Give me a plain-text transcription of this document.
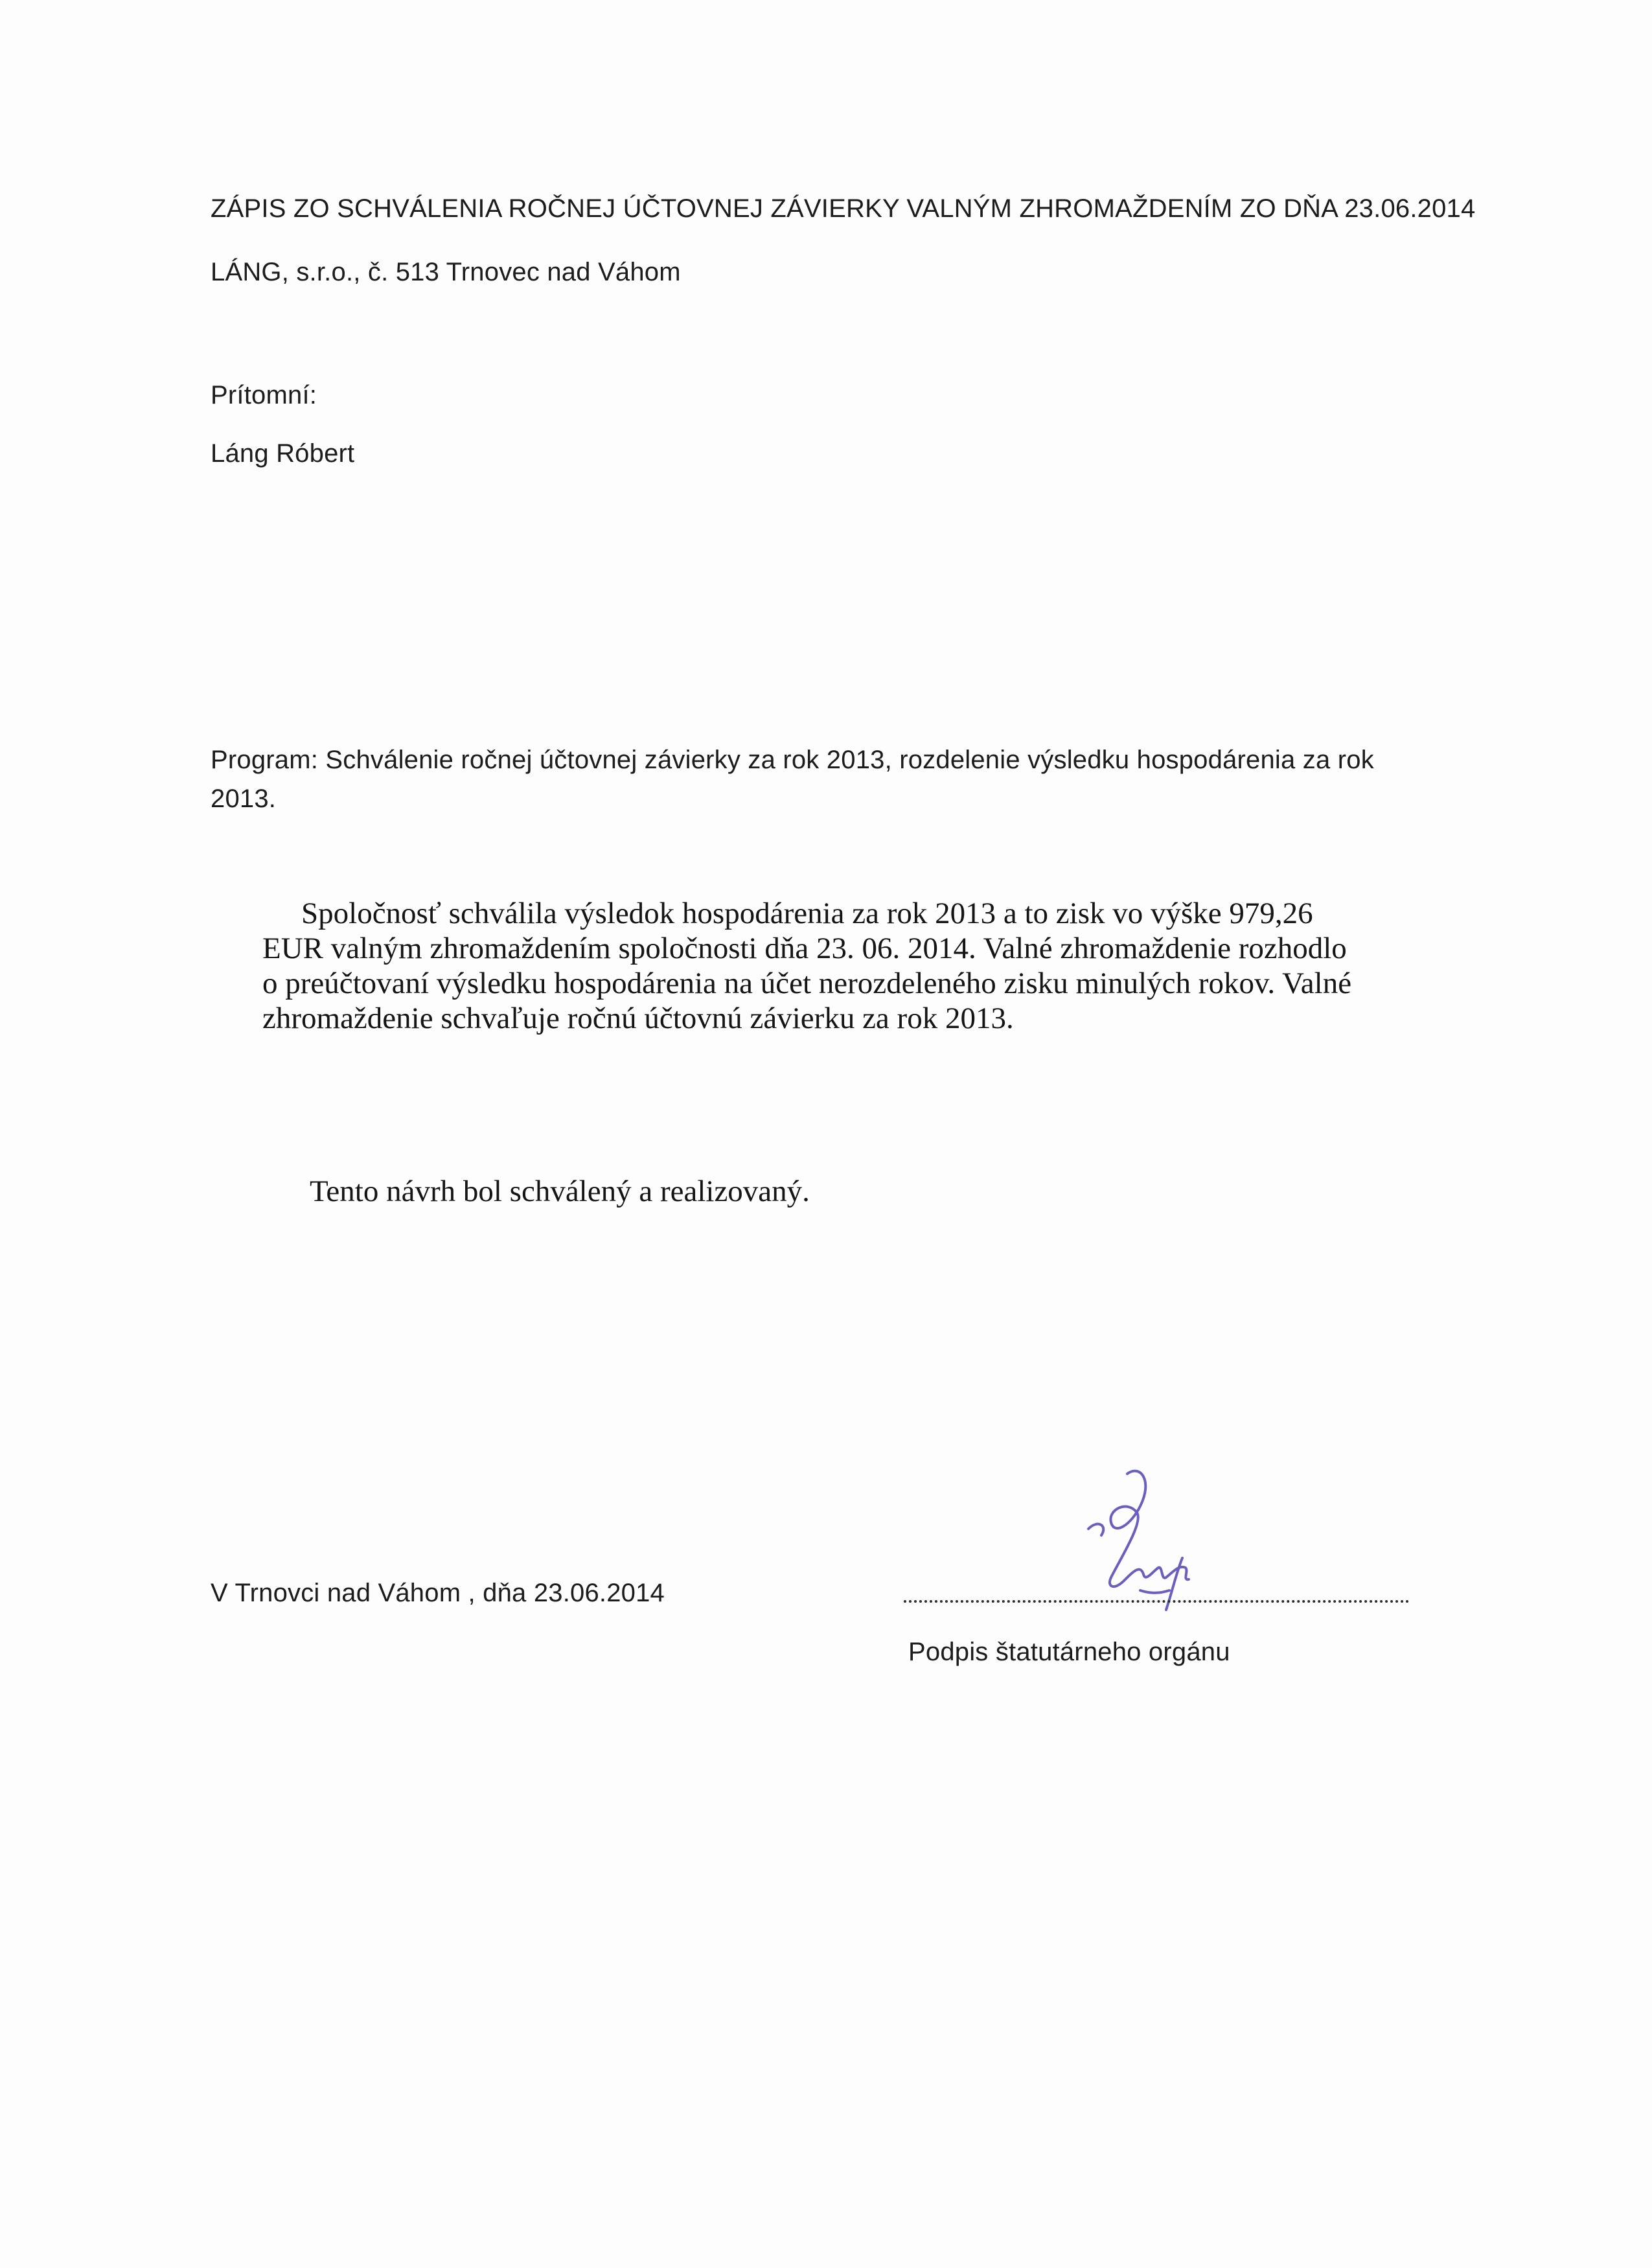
ZÁPIS ZO SCHVÁLENIA ROČNEJ ÚČTOVNEJ ZÁVIERKY VALNÝM ZHROMAŽDENÍM ZO DŇA 23.06.2014
LÁNG, s.r.o., č. 513 Trnovec nad Váhom
Prítomní:
Láng Róbert
Program: Schválenie ročnej účtovnej závierky za rok 2013, rozdelenie výsledku hospodárenia za rok 2013.
Spoločnosť schválila výsledok hospodárenia za rok 2013 a to zisk vo výške 979,26
EUR valným zhromaždením spoločnosti dňa 23. 06. 2014. Valné zhromaždenie rozhodlo
o preúčtovaní výsledku hospodárenia na účet nerozdeleného zisku minulých rokov. Valné
zhromaždenie schvaľuje ročnú účtovnú závierku za rok 2013.
Tento návrh bol schválený a realizovaný.
V Trnovci nad Váhom , dňa 23.06.2014
Podpis štatutárneho orgánu
